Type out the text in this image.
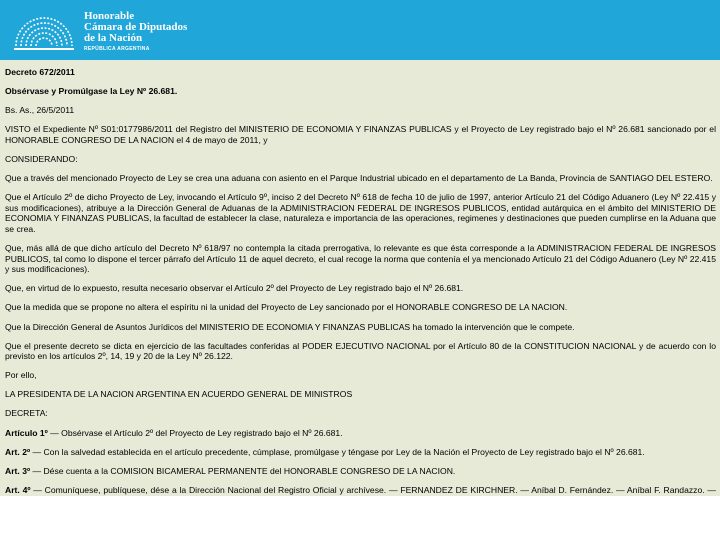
Honorable
Cámara de Diputados
de la Nación
REPÚBLICA ARGENTINA

Decreto 672/2011

Obsérvase y Promúlgase la Ley Nº 26.681.

Bs. As., 26/5/2011

VISTO el Expediente Nº S01:0177986/2011 del Registro del MINISTERIO DE ECONOMIA Y FINANZAS PUBLICAS y el Proyecto de Ley registrado bajo el Nº 26.681 sancionado por el HONORABLE CONGRESO DE LA NACION el 4 de mayo de 2011, y

CONSIDERANDO:

Que a través del mencionado Proyecto de Ley se crea una aduana con asiento en el Parque Industrial ubicado en el departamento de La Banda, Provincia de SANTIAGO DEL ESTERO.

Que el Artículo 2º de dicho Proyecto de Ley, invocando el Artículo 9º, inciso 2 del Decreto Nº 618 de fecha 10 de julio de 1997, anterior Artículo 21 del Código Aduanero (Ley Nº 22.415 y sus modificaciones), atribuye a la Dirección General de Aduanas de la ADMINISTRACION FEDERAL DE INGRESOS PUBLICOS, entidad autárquica en el ámbito del MINISTERIO DE ECONOMIA Y FINANZAS PUBLICAS, la facultad de establecer la clase, naturaleza e importancia de las operaciones, regimenes y destinaciones que pueden cumplirse en la Aduana que se crea.

Que, más allá de que dicho artículo del Decreto Nº 618/97 no contempla la citada prerrogativa, lo relevante es que ésta corresponde a la ADMINISTRACION FEDERAL DE INGRESOS PUBLICOS, tal como lo dispone el tercer párrafo del Artículo 11 de aquel decreto, el cual recoge la norma que contenía el ya mencionado Artículo 21 del Código Aduanero (Ley Nº 22.415 y sus modificaciones).

Que, en virtud de lo expuesto, resulta necesario observar el Artículo 2º del Proyecto de Ley registrado bajo el Nº 26.681.

Que la medida que se propone no altera el espíritu ni la unidad del Proyecto de Ley sancionado por el HONORABLE CONGRESO DE LA NACION.

Que la Dirección General de Asuntos Jurídicos del MINISTERIO DE ECONOMIA Y FINANZAS PUBLICAS ha tomado la intervención que le compete.

Que el presente decreto se dicta en ejercicio de las facultades conferidas al PODER EJECUTIVO NACIONAL por el Artículo 80 de la CONSTITUCION NACIONAL y de acuerdo con lo previsto en los artículos 2º, 14, 19 y 20 de la Ley Nº 26.122.

Por ello,

LA PRESIDENTA DE LA NACION ARGENTINA EN ACUERDO GENERAL DE MINISTROS

DECRETA:

Artículo 1º — Obsérvase el Artículo 2º del Proyecto de Ley registrado bajo el Nº 26.681.

Art. 2º — Con la salvedad establecida en el artículo precedente, cúmplase, promúlgase y téngase por Ley de la Nación el Proyecto de Ley registrado bajo el Nº 26.681.

Art. 3º — Dése cuenta a la COMISION BICAMERAL PERMANENTE del HONORABLE CONGRESO DE LA NACION.

Art. 4º — Comuníquese, publíquese, dése a la Dirección Nacional del Registro Oficial y archívese. — FERNANDEZ DE KIRCHNER. — Aníbal D. Fernández. — Aníbal F. Randazzo. —
